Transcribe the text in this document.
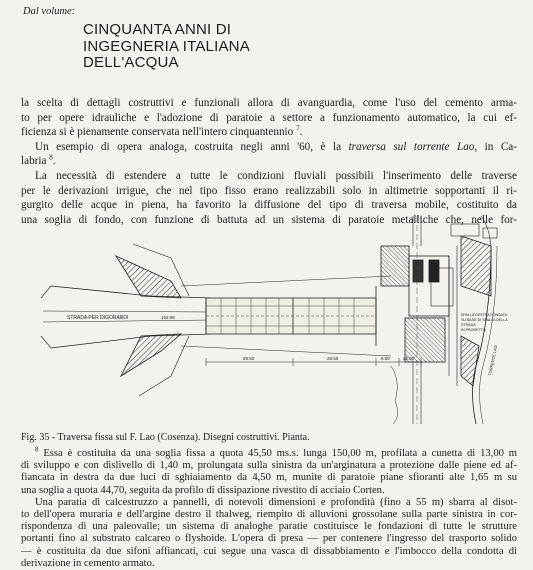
Dal volume:
CINQUANTA ANNI DI
INGEGNERIA ITALIANA
DELL'ACQUA
la scelta di dettagli costruttivi e funzionali allora di avanguardia, come l'uso del cemento arma-
to per opere idrauliche e l'adozione di paratoie a settore a funzionamento automatico, la cui ef-
ficienza si è pienamente conservata nell'intero cinquantennio $^7$.
Un esempio di opera analoga, costruita negli anni '60, è la traversa sul torrente Lao, in Ca-
labria $^8$.
La necessità di estendere a tutte le condizioni fluviali possibili l'inserimento delle traverse
per le derivazioni irrigue, che nel tipo fisso erano realizzabili solo in altimetrie sopportanti il ri-
gurgito delle acque in piena, ha favorito la diffusione del tipo di traversa mobile, costituito da
una soglia di fondo, con funzione di battuta ad un sistema di paratoie metalliche che, nelle for-
STRADA PER DIGORARDI	153.00
29.50	29.50	8.50	22.00
SPALLA DESTRA FONDATA
SU BASE DI SPALLA DELLA
STRADA
IN PROGETTO
TORRENTE LAO
Fig. 35 - Traversa fissa sul F. Lao (Cosenza). Disegni costruttivi. Pianta.
$^8$ Essa è costituita da una soglia fissa a quota 45,50 ms.s. lunga 150,00 m, profilata a cunetta di 13,00 m
di sviluppo e con dislivello di 1,40 m, prolungata sulla sinistra da un'arginatura a protezione dalle piene ed af-
fiancata in destra da due luci di sghiaiamento da 4,50 m, munite di paratoie piane sfioranti alte 1,65 m su
una soglia a quota 44,70, seguita da profilo di dissipazione rivestito di acciaio Corten.
Una paratia di calcestruzzo a pannelli, di notevoli dimensioni e profondità (fino a 55 m) sbarra al disot-
to dell'opera muraria e dell'argine destro il thalweg, riempito di alluvioni grossolane sulla parte sinistra in cor-
rispondenza di una paleovalle; un sistema di analoghe paratie costituisce le fondazioni di tutte le strutture
portanti fino al substrato calcareo o flyshoide. L'opera di presa — per contenere l'ingresso del trasporto solido
— è costituita da due sifoni affiancati, cui segue una vasca di dissabbiamento e l'imbocco della condotta di
derivazione in cemento armato.
